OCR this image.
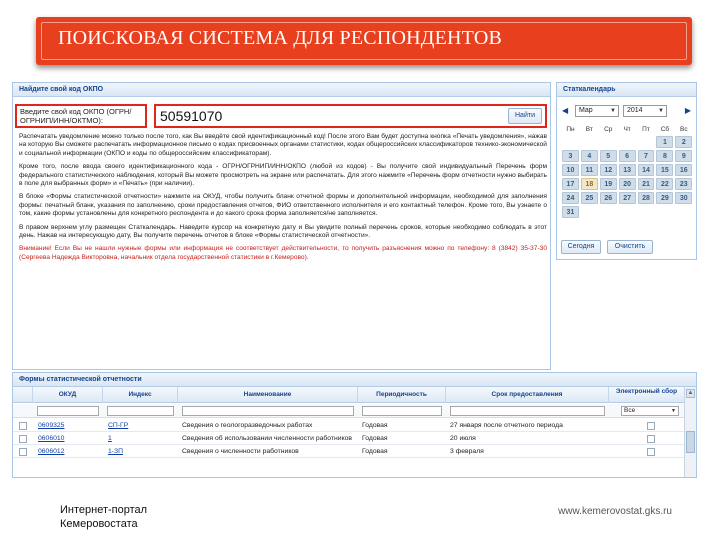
ПОИСКОВАЯ СИСТЕМА ДЛЯ РЕСПОНДЕНТОВ
Найдите свой код ОКПО
Введите свой код ОКПО (ОГРН/ОГРНИП/ИНН/ОКТМО):
50591070
Найти

Распечатать уведомление можно только после того, как Вы введёте свой идентификационный код! После этого Вам будет доступна кнопка «Печать уведомления», нажав на которую Вы сможете распечатать информационное письмо о кодах присвоенных органами статистики, кодах общероссийских классификаторов технико-экономической и социальной информации (ОКПО и коды по общероссийским классификаторам).

Кроме того, после ввода своего идентификационного кода - ОГРН/ОГРНИП/ИНН/ОКПО (любой из кодов) - Вы получите свой индивидуальный Перечень форм федерального статистического наблюдения, который Вы можете просмотреть на экране или распечатать. Для этого нажмите «Перечень форм отчетности нужно выбирать в поле для выбранных форм» и «Печать» (при наличии).

В блоке «Формы статистической отчетности» нажмите на ОКУД, чтобы получить бланк отчетной формы и дополнительной информации, необходимой для заполнения формы: печатный бланк, указания по заполнению, сроки предоставления отчетов, ФИО ответственного исполнителя и его контактный телефон. Кроме того, Вы узнаете о том, какие формы установлены для конкретного респондента и до какого срока форма заполняется/не заполняется.

В правом верхнем углу размещен Статкалендарь. Наведите курсор на конкретную дату и Вы увидите полный перечень сроков, которые необходимо соблюдать в этот день. Нажав на интересующую дату, Вы получите перечень отчетов в блоке «Формы статистической отчетности».

Внимание! Если Вы не нашли нужные формы или информация не соответствует действительности, то получить разъяснения можно по телефону: 8 (3842) 35-37-30 (Сергеева Надежда Викторовна, начальник отдела государственной статистики в г.Кемерово).

Статкалендарь
Мар	▼	2014	▼
◀	▶
Пн	Вт	Ср	Чт	Пт	Сб	Вс

					1	2

3	4	5	6	7	8	9

10	11	12	13	14	15	16

17	18	19	20	21	22	23

24	25	26	27	28	29	30

31						

Сегодня	Очистить
Формы статистической отчетности
ОКУД	Индекс	Наименование	Периодичность	Срок предоставления	Электронный сбор
Все	▼
0609325	СП-ГР	Сведения о геологоразведочных работах	Годовая	27 января после отчетного периода
0606010	1	Сведения об использовании численности работников	Годовая	20 июля
0606012	1-ЗП	Сведения о численности работников	Годовая	3 февраля
▲
Интернет-портал
Кемеровостата
www.kemerovostat.gks.ru
